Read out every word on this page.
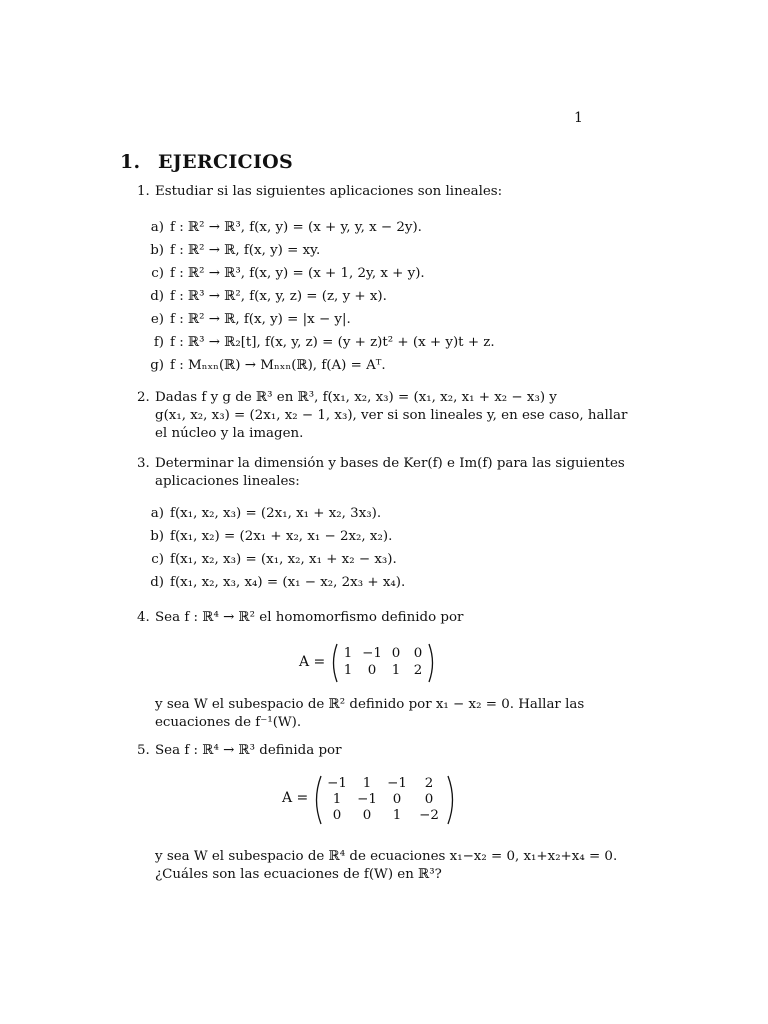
1
1. EJERCICIOS
1. Estudiar si las siguientes aplicaciones son lineales:
a) f : ℝ² → ℝ³, f(x, y) = (x + y, y, x − 2y).
b) f : ℝ² → ℝ, f(x, y) = xy.
c) f : ℝ² → ℝ³, f(x, y) = (x + 1, 2y, x + y).
d) f : ℝ³ → ℝ², f(x, y, z) = (z, y + x).
e) f : ℝ² → ℝ, f(x, y) = |x − y|.
f) f : ℝ³ → ℝ₂[t], f(x, y, z) = (y + z)t² + (x + y)t + z.
g) f : Mₙₓₙ(ℝ) → Mₙₓₙ(ℝ), f(A) = Aᵀ.
2. Dadas f y g de ℝ³ en ℝ³, f(x₁, x₂, x₃) = (x₁, x₂, x₁ + x₂ − x₃) y
g(x₁, x₂, x₃) = (2x₁, x₂ − 1, x₃), ver si son lineales y, en ese caso, hallar
el núcleo y la imagen.
3. Determinar la dimensión y bases de Ker(f) e Im(f) para las siguientes
aplicaciones lineales:
a) f(x₁, x₂, x₃) = (2x₁, x₁ + x₂, 3x₃).
b) f(x₁, x₂) = (2x₁ + x₂, x₁ − 2x₂, x₂).
c) f(x₁, x₂, x₃) = (x₁, x₂, x₁ + x₂ − x₃).
d) f(x₁, x₂, x₃, x₄) = (x₁ − x₂, 2x₃ + x₄).
4. Sea f : ℝ⁴ → ℝ² el homomorfismo definido por
A =
1 −1 0	0
1	0	1	2
y sea W el subespacio de ℝ² definido por x₁ − x₂ = 0. Hallar las
ecuaciones de f⁻¹(W).
5. Sea f : ℝ⁴ → ℝ³ definida por
A =
−1	1	−1	2
1	−1	0	0
0	0	1	−2
y sea W el subespacio de ℝ⁴ de ecuaciones x₁−x₂ = 0, x₁+x₂+x₄ = 0.
¿Cuáles son las ecuaciones de f(W) en ℝ³?
